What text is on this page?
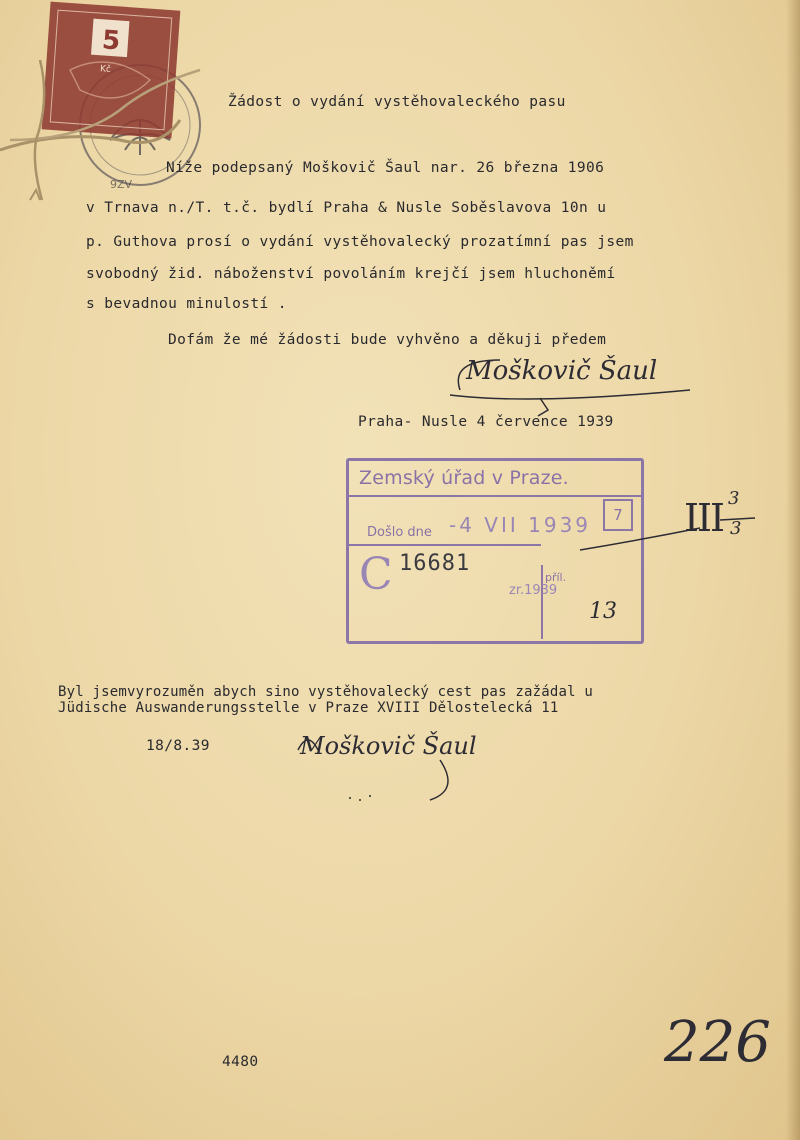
9ZV
5
Kč
Žádost o vydání vystěhovaleckého pasu
Níže podepsaný Moškovič Šaul nar. 26 března 1906
v Trnava n./T. t.č. bydlí Praha & Nusle Soběslavova 10n u
p. Guthova prosí o vydání vystěhovalecký prozatímní pas jsem
svobodný žid. náboženství povoláním krejčí jsem hluchoněmí
s bevadnou minulostí .
Dofám že mé žádosti bude vyhvěno a děkuji předem
Moškovič Šaul
Praha- Nusle 4 července 1939
Zemský úřad v Praze.
7
Došlo dne -4 VII 1939
C 16681
příl.
zr.1939
13
III 3
3
Byl jsemvyrozuměn abych sino vystěhovalecký cest pas zažádal u
Jüdische Auswanderungsstelle v Praze XVIII Dělostelecká 11
18/8.39	Moškovič Šaul
4480	226
